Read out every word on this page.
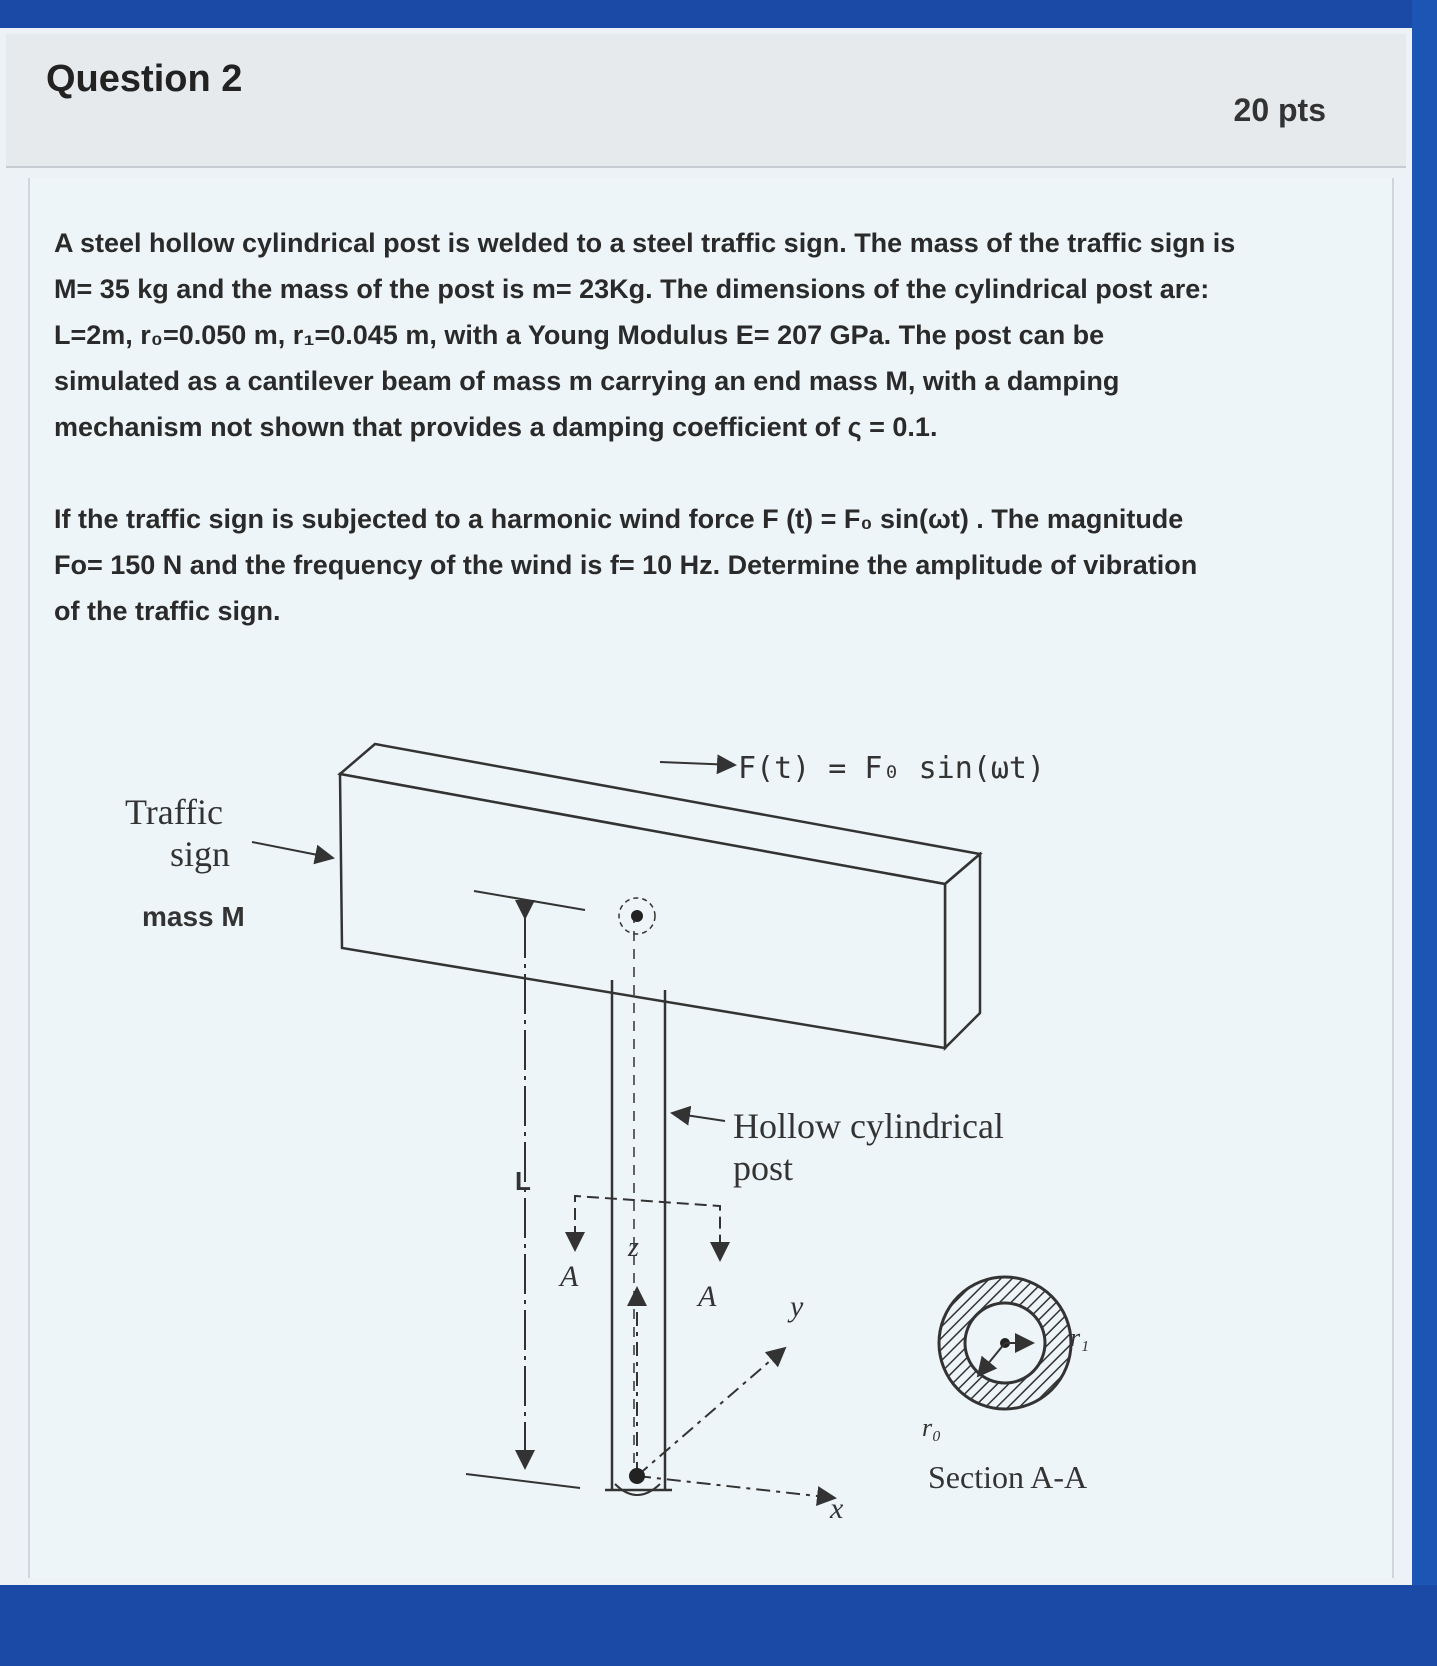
Question 2
20 pts
A steel hollow cylindrical post is welded to a steel traffic sign. The mass of the traffic sign is
M= 35 kg and the mass of the post is m= 23Kg. The dimensions of the cylindrical post are:
L=2m, r₀=0.050 m, r₁=0.045 m, with a Young Modulus E= 207 GPa. The post can be
simulated as a cantilever beam of mass m carrying an end mass M, with a damping
mechanism not shown that provides a damping coefficient of ς = 0.1.
If the traffic sign is subjected to a harmonic wind force F (t) = F₀ sin(ωt) . The magnitude
Fo= 150 N and the frequency of the wind is f= 10 Hz. Determine the amplitude of vibration
of the traffic sign.
F(t) = F₀ sin(ωt)
Traffic
sign
mass M
L
A
A
z
y
x
Hollow cylindrical
post
r₁
r₀
Section A-A
